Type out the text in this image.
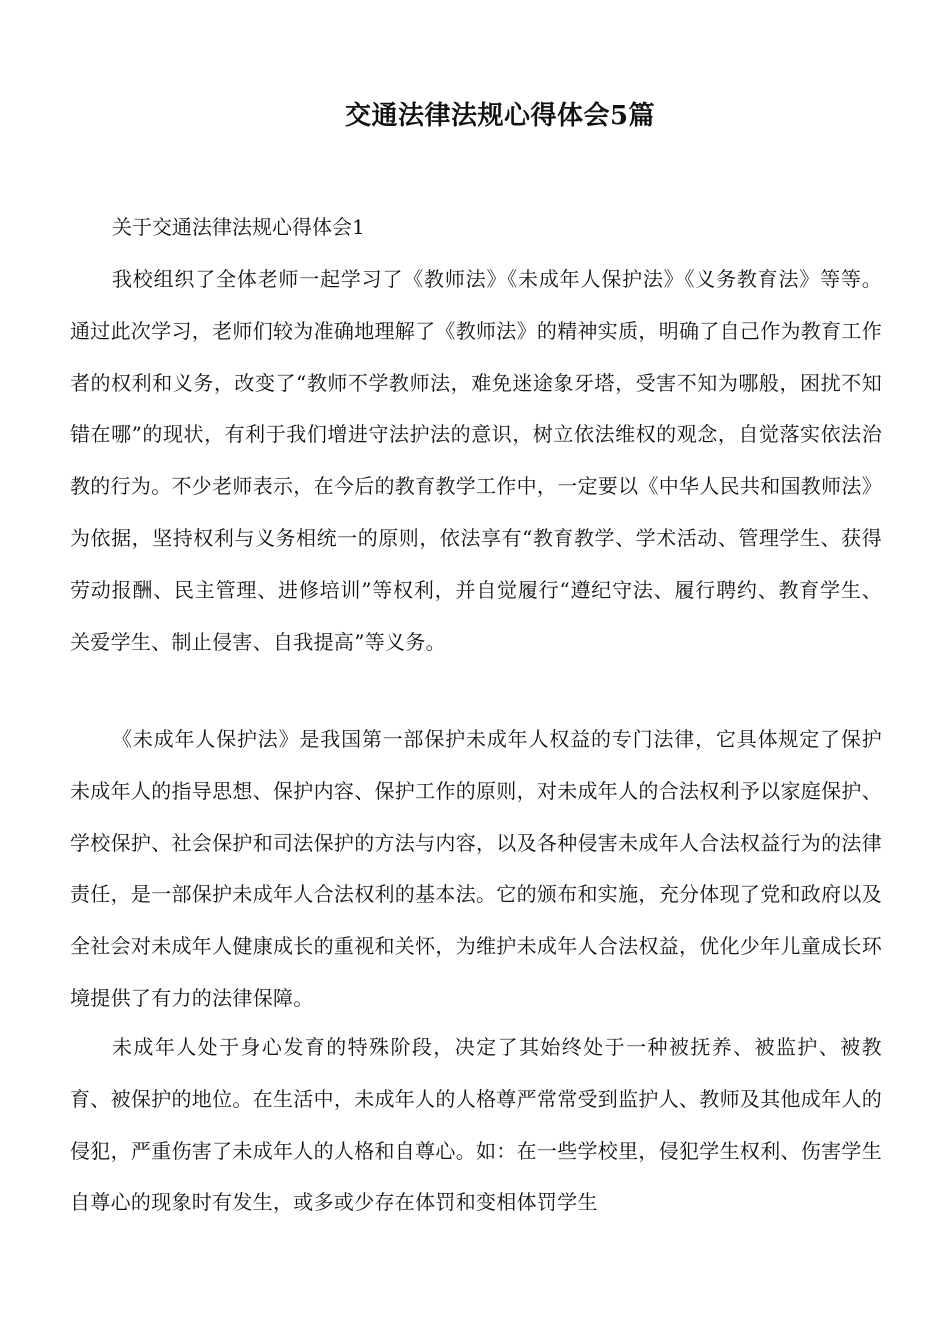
交通法律法规心得体会5篇

关于交通法律法规心得体会1

我校组织了全体老师一起学习了《教师法》《未成年人保护法》《义务教育法》等等。通过此次学习，老师们较为准确地理解了《教师法》的精神实质，明确了自己作为教育工作者的权利和义务，改变了“教师不学教师法，难免迷途象牙塔，受害不知为哪般，困扰不知错在哪”的现状，有利于我们增进守法护法的意识，树立依法维权的观念，自觉落实依法治教的行为。不少老师表示，在今后的教育教学工作中，一定要以《中华人民共和国教师法》为依据，坚持权利与义务相统一的原则，依法享有“教育教学、学术活动、管理学生、获得劳动报酬、民主管理、进修培训”等权利，并自觉履行“遵纪守法、履行聘约、教育学生、关爱学生、制止侵害、自我提高”等义务。

《未成年人保护法》是我国第一部保护未成年人权益的专门法律，它具体规定了保护未成年人的指导思想、保护内容、保护工作的原则，对未成年人的合法权利予以家庭保护、学校保护、社会保护和司法保护的方法与内容，以及各种侵害未成年人合法权益行为的法律责任，是一部保护未成年人合法权利的基本法。它的颁布和实施，充分体现了党和政府以及全社会对未成年人健康成长的重视和关怀，为维护未成年人合法权益，优化少年儿童成长环境提供了有力的法律保障。

未成年人处于身心发育的特殊阶段，决定了其始终处于一种被抚养、被监护、被教育、被保护的地位。在生活中，未成年人的人格尊严常常受到监护人、教师及其他成年人的侵犯，严重伤害了未成年人的人格和自尊心。如：在一些学校里，侵犯学生权利、伤害学生自尊心的现象时有发生，或多或少存在体罚和变相体罚学生
